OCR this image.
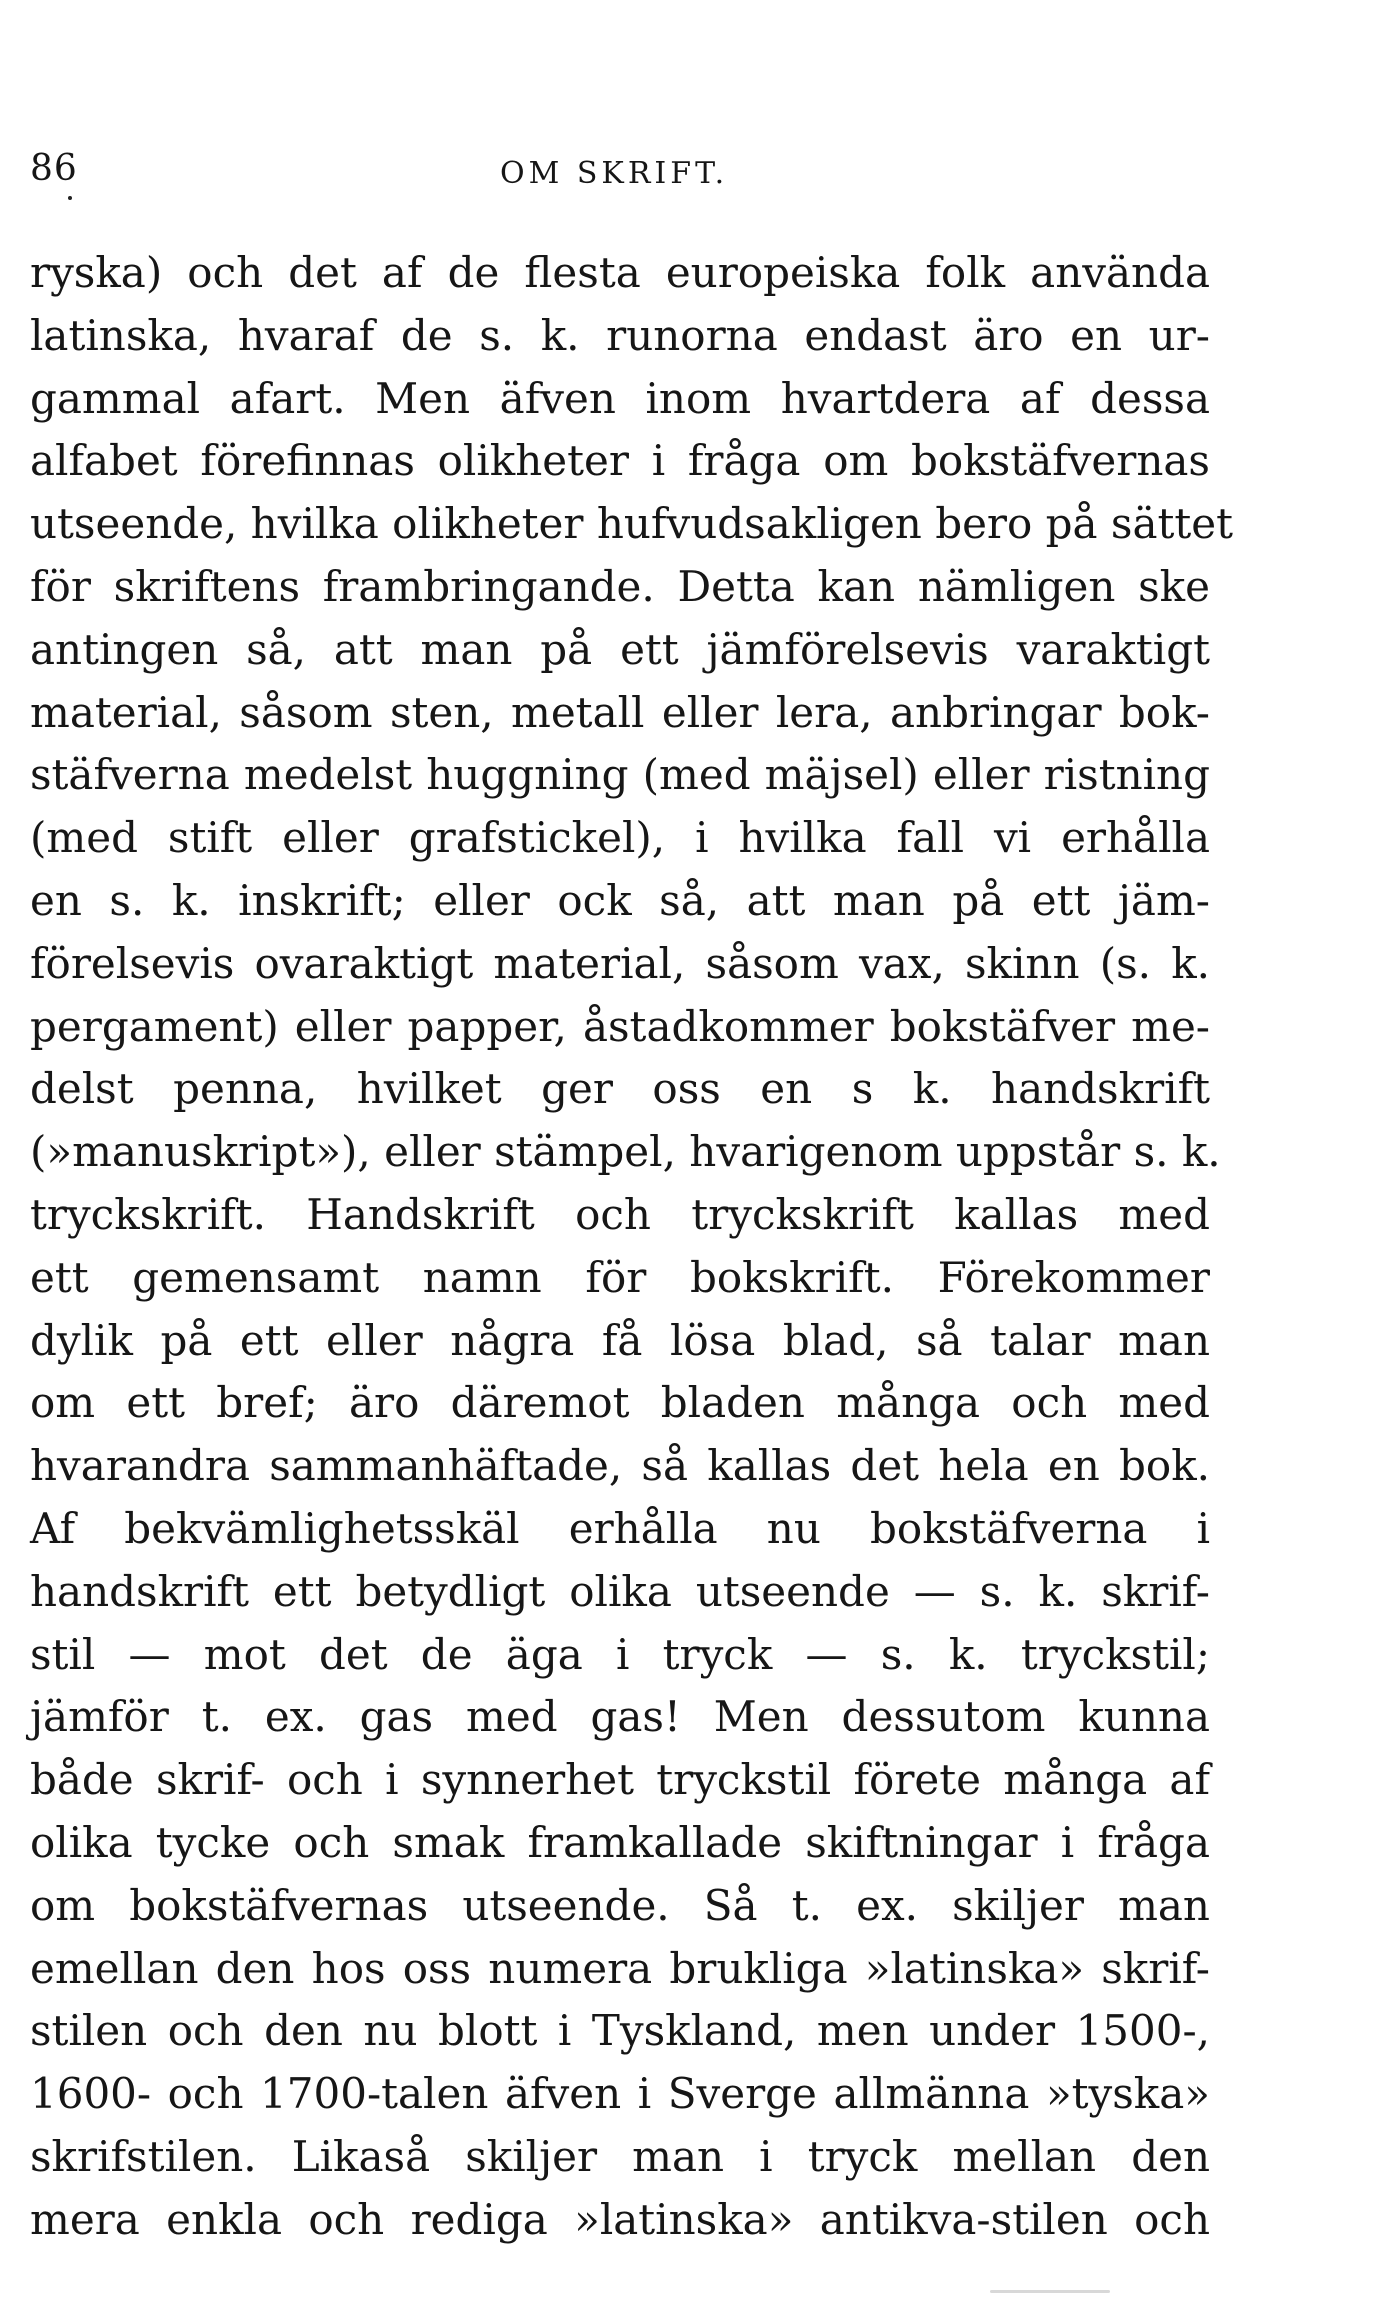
86	OM SKRIFT.
ryska) och det af de flesta europeiska folk använda
latinska, hvaraf de s. k. runorna endast äro en ur-
gammal afart. Men äfven inom hvartdera af dessa
alfabet förefinnas olikheter i fråga om bokstäfvernas
utseende, hvilka olikheter hufvudsakligen bero på sättet
för skriftens frambringande. Detta kan nämligen ske
antingen så, att man på ett jämförelsevis varaktigt
material, såsom sten, metall eller lera, anbringar bok-
stäfverna medelst huggning (med mäjsel) eller ristning
(med stift eller grafstickel), i hvilka fall vi erhålla
en s. k. inskrift; eller ock så, att man på ett jäm-
förelsevis ovaraktigt material, såsom vax, skinn (s. k.
pergament) eller papper, åstadkommer bokstäfver me-
delst penna, hvilket ger oss en s k. handskrift
(»manuskript»), eller stämpel, hvarigenom uppstår s. k.
tryckskrift. Handskrift och tryckskrift kallas med
ett gemensamt namn för bokskrift. Förekommer
dylik på ett eller några få lösa blad, så talar man
om ett bref; äro däremot bladen många och med
hvarandra sammanhäftade, så kallas det hela en bok.
Af bekvämlighetsskäl erhålla nu bokstäfverna i
handskrift ett betydligt olika utseende — s. k. skrif-
stil — mot det de äga i tryck — s. k. tryckstil;
jämför t. ex. gas med gas! Men dessutom kunna
både skrif- och i synnerhet tryckstil förete många af
olika tycke och smak framkallade skiftningar i fråga
om bokstäfvernas utseende. Så t. ex. skiljer man
emellan den hos oss numera brukliga »latinska» skrif-
stilen och den nu blott i Tyskland, men under 1500-,
1600- och 1700-talen äfven i Sverge allmänna »tyska»
skrifstilen. Likaså skiljer man i tryck mellan den
mera enkla och rediga »latinska» antikva-stilen och
